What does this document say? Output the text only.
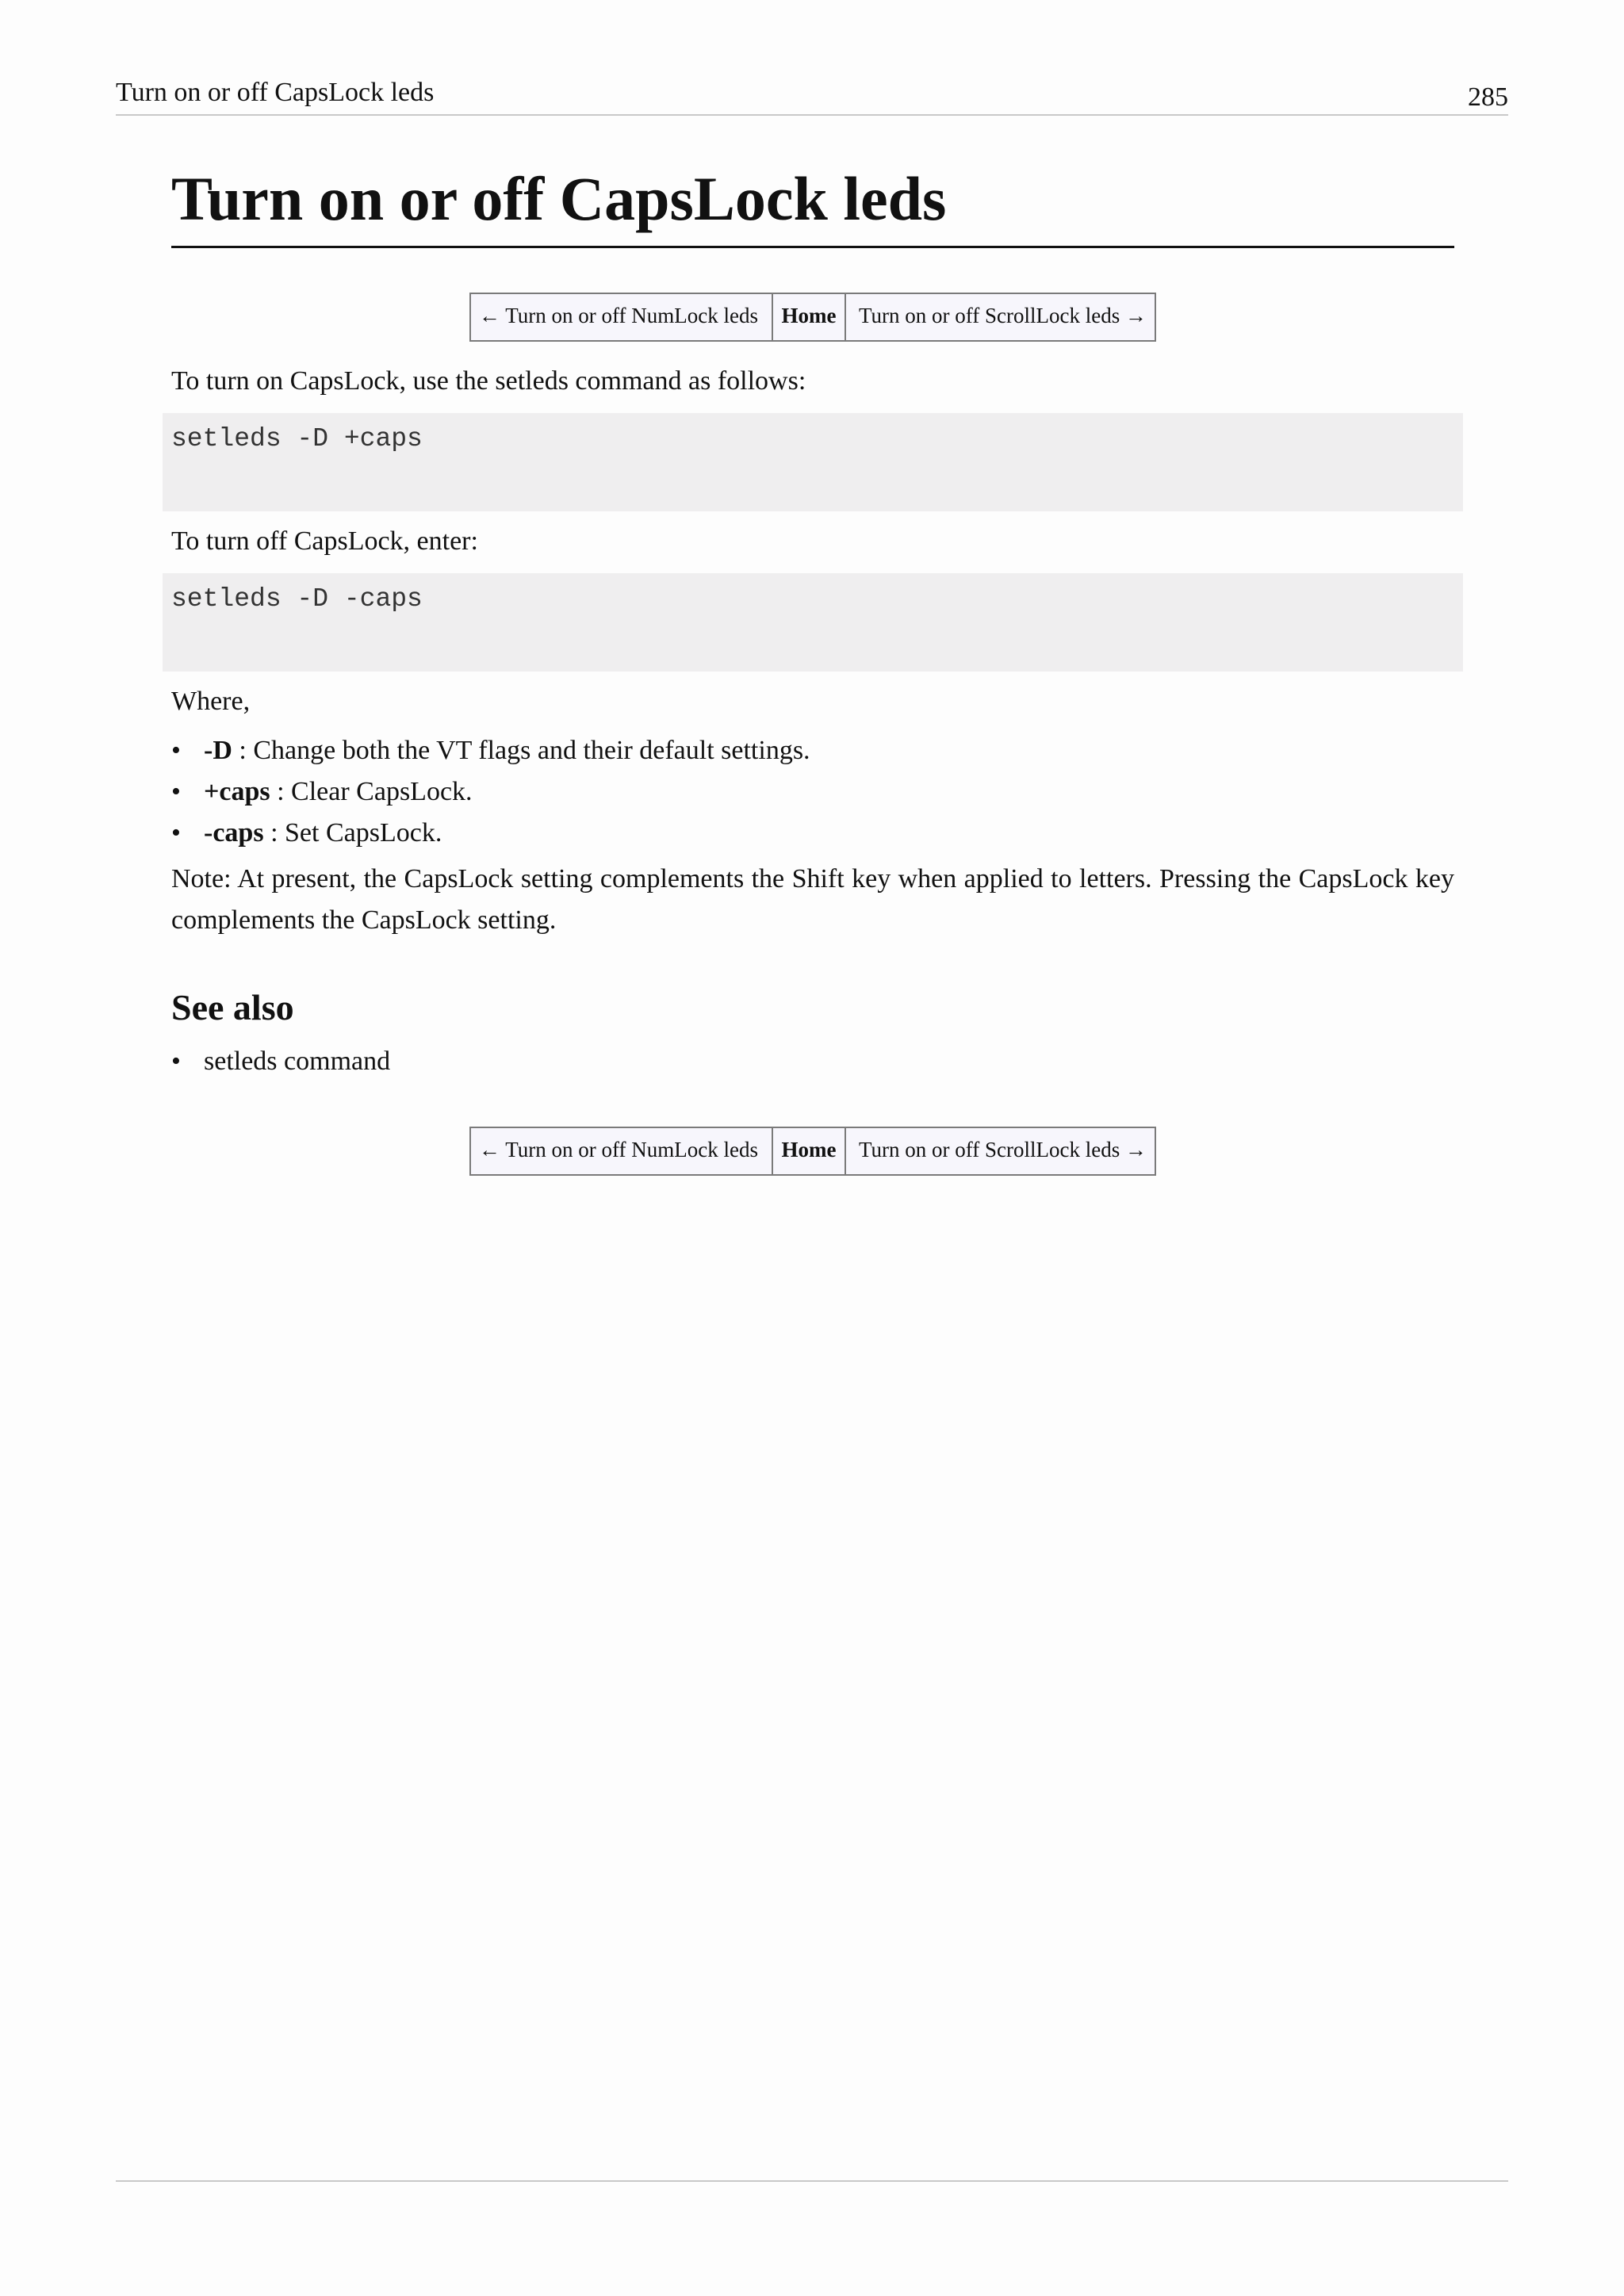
Turn on or off CapsLock leds	285
Turn on or off CapsLock leds
← Turn on or off NumLock leds	Home	Turn on or off ScrollLock leds →

To turn on CapsLock, use the setleds command as follows:

setleds -D +caps

To turn off CapsLock, enter:

setleds -D -caps

Where,

• -D : Change both the VT flags and their default settings.
• +caps : Clear CapsLock.
• -caps : Set CapsLock.

Note: At present, the CapsLock setting complements the Shift key when applied to letters. Pressing the CapsLock key complements the CapsLock setting.

See also
• setleds command
← Turn on or off NumLock leds	Home	Turn on or off ScrollLock leds →
